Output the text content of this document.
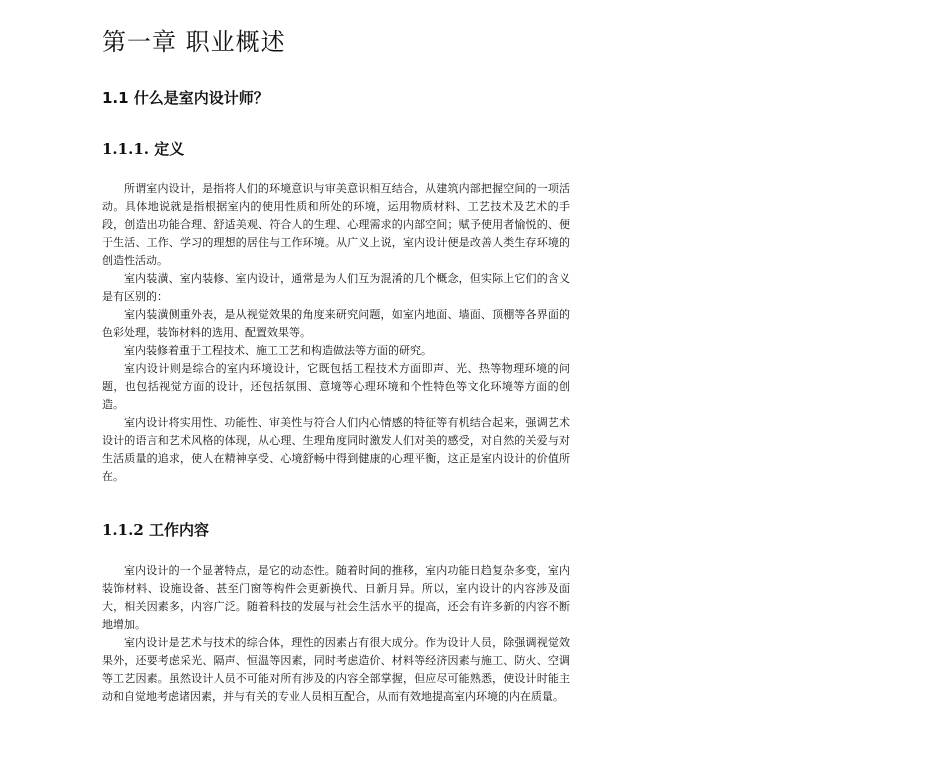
第一章 职业概述
1.1 什么是室内设计师？
1.1.1. 定义

所谓室内设计，是指将人们的环境意识与审美意识相互结合，从建筑内部把握空间的一项活动。具体地说就是指根据室内的使用性质和所处的环境，运用物质材料、工艺技术及艺术的手段，创造出功能合理、舒适美观、符合人的生理、心理需求的内部空间；赋予使用者愉悦的、便于生活、工作、学习的理想的居住与工作环境。从广义上说，室内设计便是改善人类生存环境的创造性活动。

室内装潢、室内装修、室内设计，通常是为人们互为混淆的几个概念，但实际上它们的含义是有区别的：

室内装潢侧重外表，是从视觉效果的角度来研究问题，如室内地面、墙面、顶棚等各界面的色彩处理，装饰材料的选用、配置效果等。

室内装修着重于工程技术、施工工艺和构造做法等方面的研究。

室内设计则是综合的室内环境设计，它既包括工程技术方面即声、光、热等物理环境的问题，也包括视觉方面的设计，还包括氛围、意境等心理环境和个性特色等文化环境等方面的创造。

室内设计将实用性、功能性、审美性与符合人们内心情感的特征等有机结合起来，强调艺术设计的语言和艺术风格的体现，从心理、生理角度同时激发人们对美的感受，对自然的关爱与对生活质量的追求，使人在精神享受、心境舒畅中得到健康的心理平衡，这正是室内设计的价值所在。

1.1.2 工作内容

室内设计的一个显著特点，是它的动态性。随着时间的推移，室内功能日趋复杂多变，室内装饰材料、设施设备、甚至门窗等构件会更新换代、日新月异。所以，室内设计的内容涉及面大，相关因素多，内容广泛。随着科技的发展与社会生活水平的提高，还会有许多新的内容不断地增加。

室内设计是艺术与技术的综合体，理性的因素占有很大成分。作为设计人员，除强调视觉效果外，还要考虑采光、隔声、恒温等因素，同时考虑造价、材料等经济因素与施工、防火、空调等工艺因素。虽然设计人员不可能对所有涉及的内容全部掌握，但应尽可能熟悉，使设计时能主动和自觉地考虑诸因素，并与有关的专业人员相互配合，从而有效地提高室内环境的内在质量。
